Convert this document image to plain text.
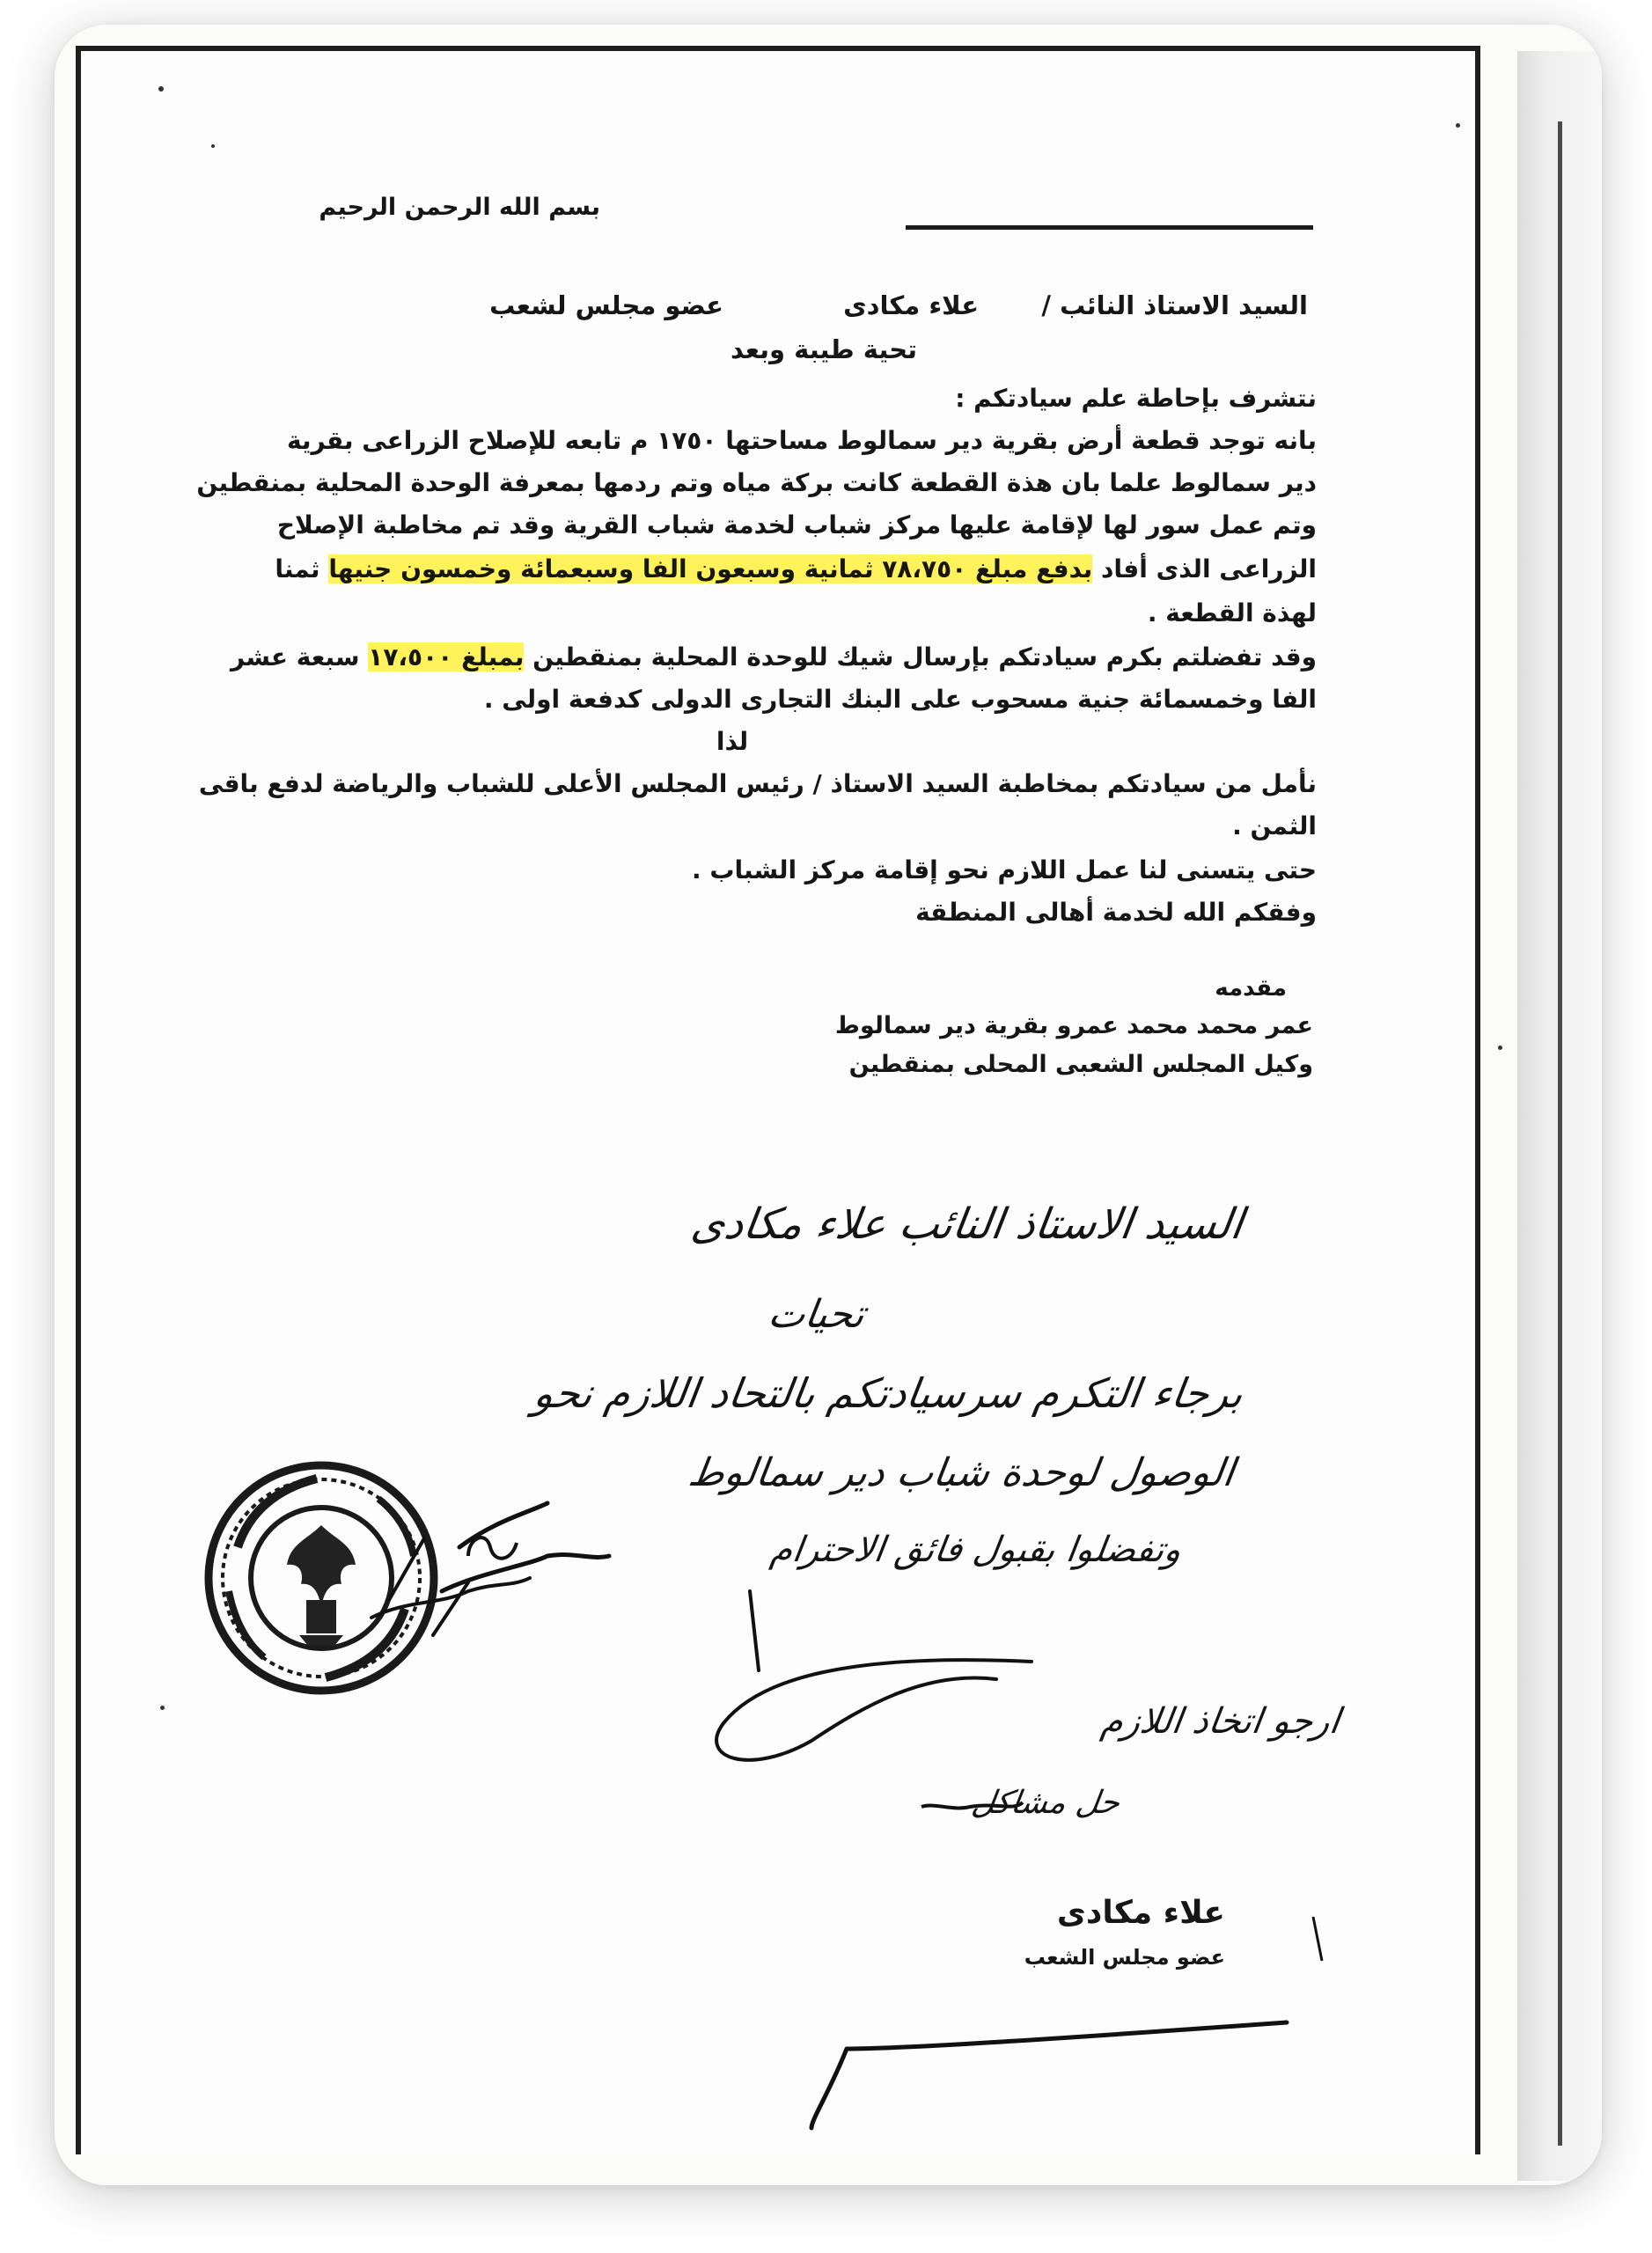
بسم الله الرحمن الرحيم
السيد الاستاذ النائب /
علاء مكادى
عضو مجلس لشعب
تحية طيبة وبعد
نتشرف بإحاطة علم سيادتكم :
بانه توجد قطعة أرض بقرية دير سمالوط مساحتها ١٧٥٠ م تابعه للإصلاح الزراعى بقرية
دير سمالوط علما بان هذة القطعة كانت بركة مياه وتم ردمها بمعرفة الوحدة المحلية بمنقطين
وتم عمل سور لها لإقامة عليها مركز شباب لخدمة شباب القرية وقد تم مخاطبة الإصلاح
الزراعى الذى أفاد بدفع مبلغ ٧٨،٧٥٠ ثمانية وسبعون الفا وسبعمائة وخمسون جنيها ثمنا
لهذة القطعة .
وقد تفضلتم بكرم سيادتكم بإرسال شيك للوحدة المحلية بمنقطين بمبلغ ١٧،٥٠٠ سبعة عشر
الفا وخمسمائة جنية مسحوب على البنك التجارى الدولى كدفعة اولى .
لذا
نأمل من سيادتكم بمخاطبة السيد الاستاذ / رئيس المجلس الأعلى للشباب والرياضة لدفع باقى
الثمن .
حتى يتسنى لنا عمل اللازم نحو إقامة مركز الشباب .
وفقكم الله لخدمة أهالى المنطقة
مقدمه
عمر محمد محمد عمرو بقرية دير سمالوط
وكيل المجلس الشعبى المحلى بمنقطين
السيد الاستاذ النائب علاء مكادى
تحيات
برجاء التكرم سرسيادتكم بالتحاد اللازم نحو
الوصول لوحدة شباب دير سمالوط
وتفضلوا بقبول فائق الاحترام
ارجو اتخاذ اللازم
حل مشاكل
علاء مكادى
عضو مجلس الشعب
